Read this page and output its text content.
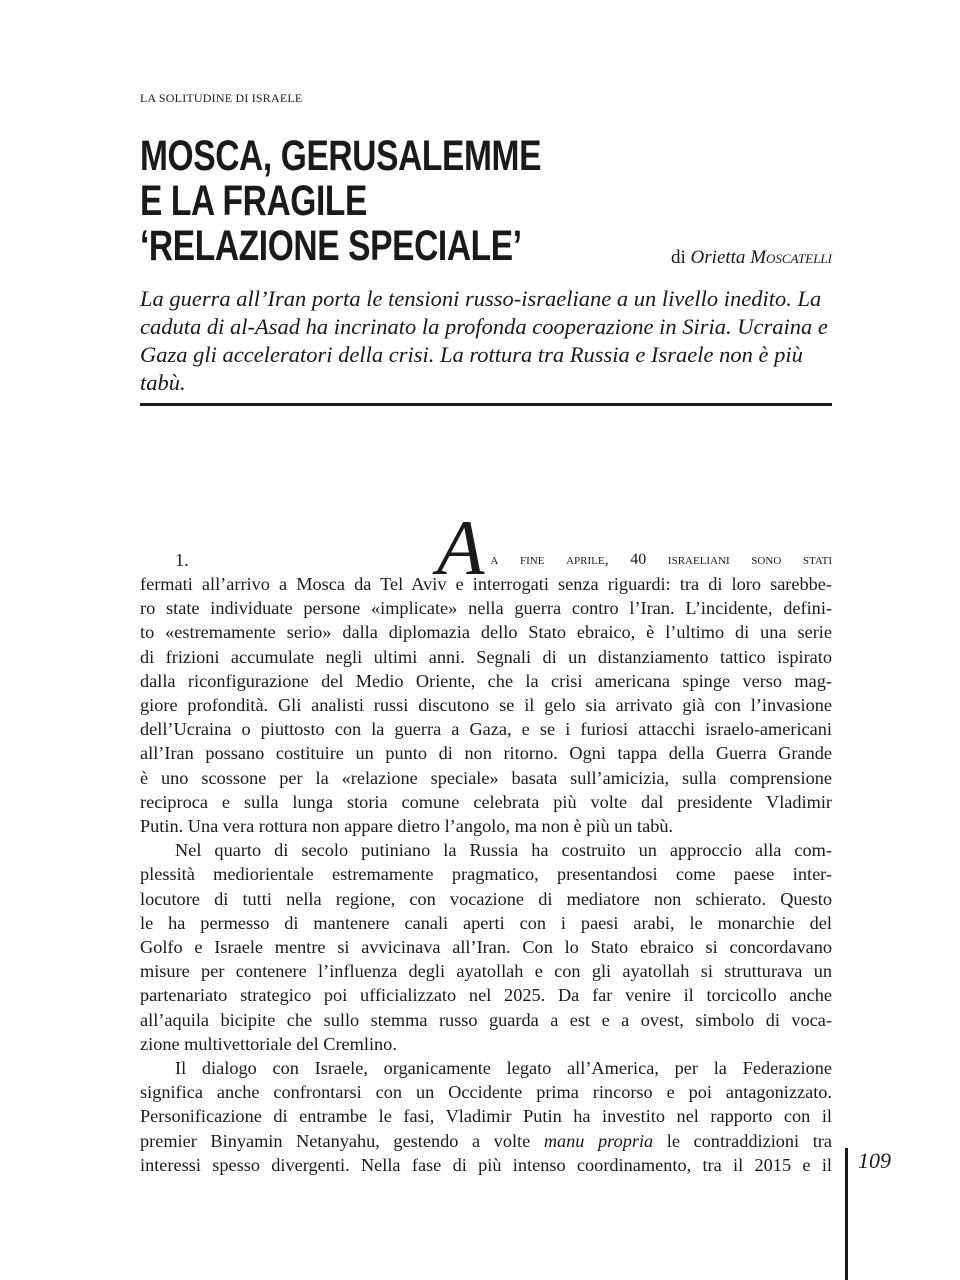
LA SOLITUDINE DI ISRAELE
MOSCA, GERUSALEMME
E LA FRAGILE
‘RELAZIONE SPECIALE’	di Orietta Moscatelli
La guerra all’Iran porta le tensioni russo-israeliane a un livello inedito. La caduta di al-Asad ha incrinato la profonda cooperazione in Siria. Ucraina e Gaza gli acceleratori della crisi. La rottura tra Russia e Israele non è più tabù.
1.	A a fine aprile, 40 israeliani sono stati

fermati all’arrivo a Mosca da Tel Aviv e interrogati senza riguardi: tra di loro sarebbe-
ro state individuate persone «implicate» nella guerra contro l’Iran. L’incidente, defini-
to «estremamente serio» dalla diplomazia dello Stato ebraico, è l’ultimo di una serie
di frizioni accumulate negli ultimi anni. Segnali di un distanziamento tattico ispirato
dalla riconfigurazione del Medio Oriente, che la crisi americana spinge verso mag-
giore profondità. Gli analisti russi discutono se il gelo sia arrivato già con l’invasione
dell’Ucraina o piuttosto con la guerra a Gaza, e se i furiosi attacchi israelo-americani
all’Iran possano costituire un punto di non ritorno. Ogni tappa della Guerra Grande
è uno scossone per la «relazione speciale» basata sull’amicizia, sulla comprensione
reciproca e sulla lunga storia comune celebrata più volte dal presidente Vladimir
Putin. Una vera rottura non appare dietro l’angolo, ma non è più un tabù.

Nel quarto di secolo putiniano la Russia ha costruito un approccio alla com-
plessità mediorientale estremamente pragmatico, presentandosi come paese inter-
locutore di tutti nella regione, con vocazione di mediatore non schierato. Questo
le ha permesso di mantenere canali aperti con i paesi arabi, le monarchie del
Golfo e Israele mentre si avvicinava all’Iran. Con lo Stato ebraico si concordavano
misure per contenere l’influenza degli ayatollah e con gli ayatollah si strutturava un
partenariato strategico poi ufficializzato nel 2025. Da far venire il torcicollo anche
all’aquila bicipite che sullo stemma russo guarda a est e a ovest, simbolo di voca-
zione multivettoriale del Cremlino.

Il dialogo con Israele, organicamente legato all’America, per la Federazione
significa anche confrontarsi con un Occidente prima rincorso e poi antagonizzato.
Personificazione di entrambe le fasi, Vladimir Putin ha investito nel rapporto con il
premier Binyamin Netanyahu, gestendo a volte manu propria le contraddizioni tra
interessi spesso divergenti. Nella fase di più intenso coordinamento, tra il 2015 e il 109
